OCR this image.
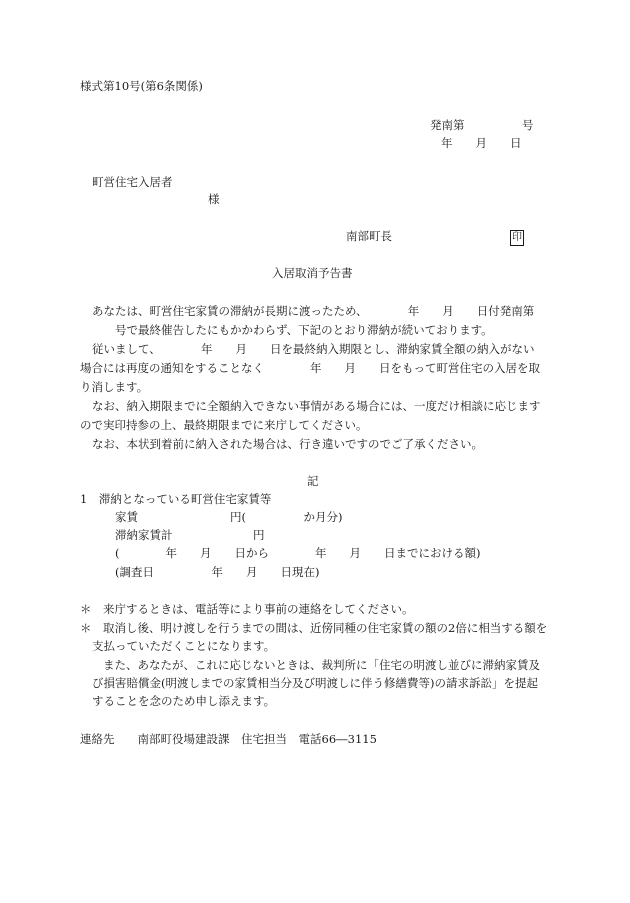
様式第10号(第6条関係)
発南第　　　　　号
年　　月　　日
町営住宅入居者
様
南部町長	印
入居取消予告書
あなたは、町営住宅家賃の滞納が長期に渡ったため、　　　　年　　月　　日付発南第
号で最終催告したにもかかわらず、下記のとおり滞納が続いております。
従いまして、　　　　年　　月　　日を最終納入期限とし、滞納家賃全額の納入がない
場合には再度の通知をすることなく　　　　年　　月　　日をもって町営住宅の入居を取
り消します。
なお、納入期限までに全額納入できない事情がある場合には、一度だけ相談に応じます
ので実印持参の上、最終期限までに来庁してください。
なお、本状到着前に納入された場合は、行き違いですのでご了承ください。
記
1　滞納となっている町営住宅家賃等
家賃　　　　　　　　円(　　　　　か月分)
滞納家賃計　　　　　　　円
(　　　　年　　月　　日から　　　　年　　月　　日までにおける額)
(調査日　　　　　年　　月　　日現在)
＊　来庁するときは、電話等により事前の連絡をしてください。
＊　取消し後、明け渡しを行うまでの間は、近傍同種の住宅家賃の額の2倍に相当する額を
支払っていただくことになります。
また、あなたが、これに応じないときは、裁判所に「住宅の明渡し並びに滞納家賃及
び損害賠償金(明渡しまでの家賃相当分及び明渡しに伴う修繕費等)の請求訴訟」を提起
することを念のため申し添えます。
連絡先　　南部町役場建設課　住宅担当　電話66―3115
